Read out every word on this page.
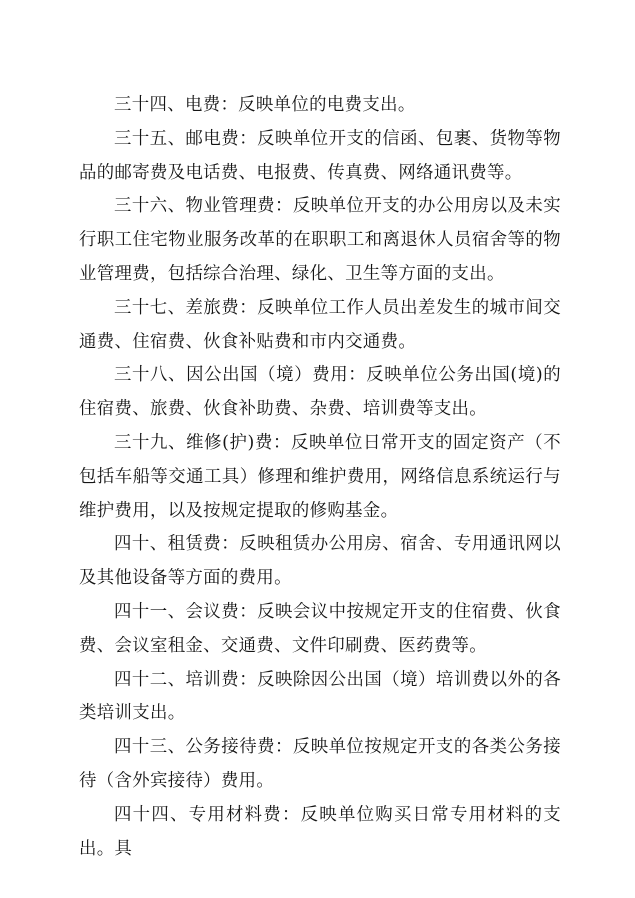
三十四、电费：反映单位的电费支出。

三十五、邮电费：反映单位开支的信函、包裹、货物等物品的邮寄费及电话费、电报费、传真费、网络通讯费等。

三十六、物业管理费：反映单位开支的办公用房以及未实行职工住宅物业服务改革的在职职工和离退休人员宿舍等的物业管理费，包括综合治理、绿化、卫生等方面的支出。

三十七、差旅费：反映单位工作人员出差发生的城市间交通费、住宿费、伙食补贴费和市内交通费。

三十八、因公出国（境）费用：反映单位公务出国(境)的住宿费、旅费、伙食补助费、杂费、培训费等支出。

三十九、维修(护)费：反映单位日常开支的固定资产（不包括车船等交通工具）修理和维护费用，网络信息系统运行与维护费用，以及按规定提取的修购基金。

四十、租赁费：反映租赁办公用房、宿舍、专用通讯网以及其他设备等方面的费用。

四十一、会议费：反映会议中按规定开支的住宿费、伙食费、会议室租金、交通费、文件印刷费、医药费等。

四十二、培训费：反映除因公出国（境）培训费以外的各类培训支出。

四十三、公务接待费：反映单位按规定开支的各类公务接待（含外宾接待）费用。

四十四、专用材料费：反映单位购买日常专用材料的支出。具
